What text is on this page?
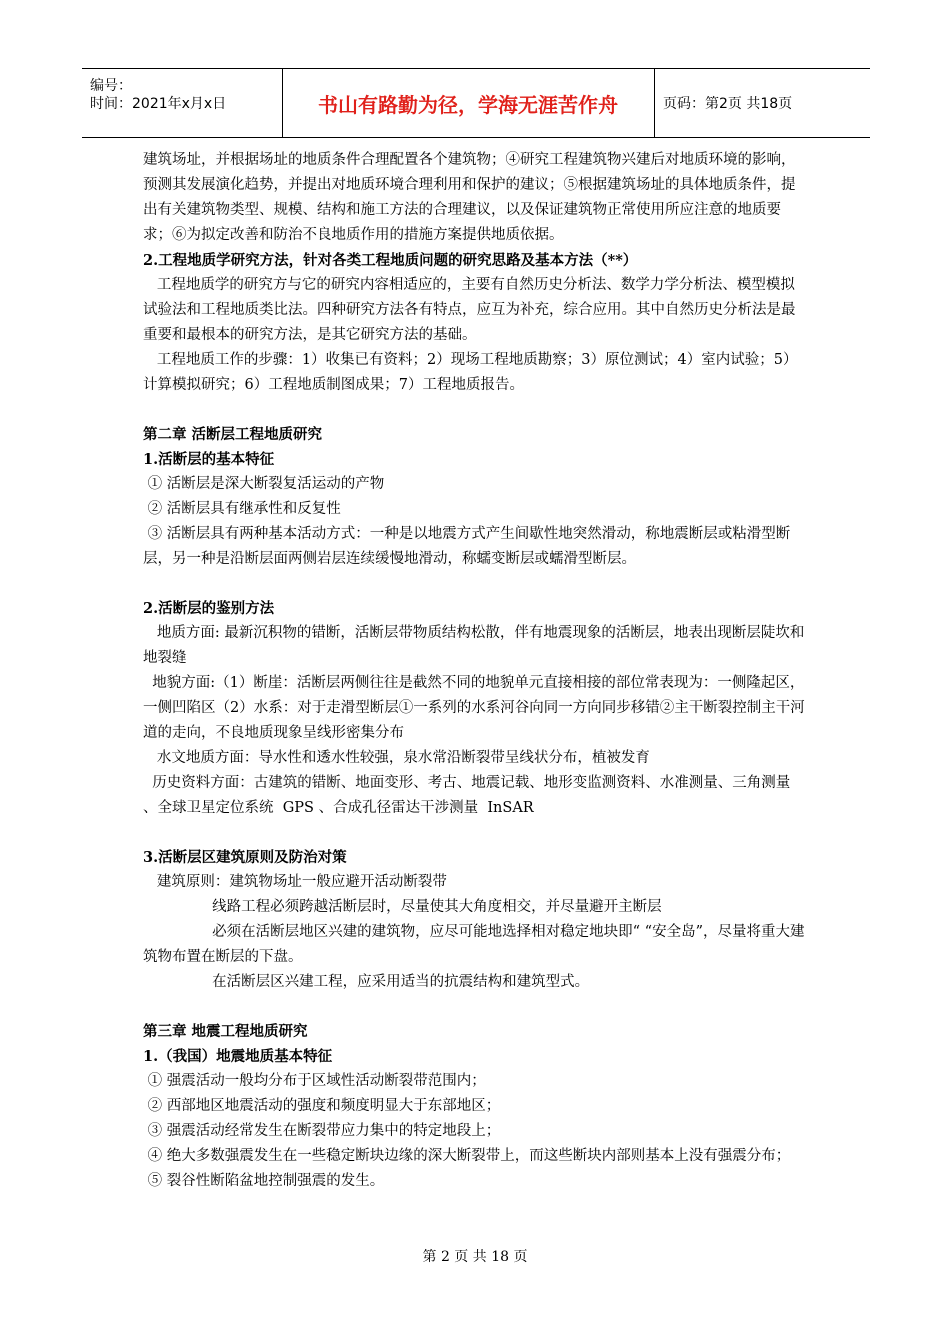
编号：
时间：2021年x月x日	书山有路勤为径，学海无涯苦作舟	页码：第2页 共18页

建筑场址，并根据场址的地质条件合理配置各个建筑物；④研究工程建筑物兴建后对地质环境的影响，预测其发展演化趋势，并提出对地质环境合理利用和保护的建议；⑤根据建筑场址的具体地质条件，提出有关建筑物类型、规模、结构和施工方法的合理建议，以及保证建筑物正常使用所应注意的地质要求；⑥为拟定改善和防治不良地质作用的措施方案提供地质依据。

2.工程地质学研究方法，针对各类工程地质问题的研究思路及基本方法（**）

工程地质学的研究方与它的研究内容相适应的，主要有自然历史分析法、数学力学分析法、模型模拟试验法和工程地质类比法。四种研究方法各有特点，应互为补充，综合应用。其中自然历史分析法是最重要和最根本的研究方法，是其它研究方法的基础。

工程地质工作的步骤：1）收集已有资料；2）现场工程地质勘察；3）原位测试；4）室内试验；5）计算模拟研究；6）工程地质制图成果；7）工程地质报告。

第二章 活断层工程地质研究

1.活断层的基本特征

① 活断层是深大断裂复活运动的产物

② 活断层具有继承性和反复性

③ 活断层具有两种基本活动方式：一种是以地震方式产生间歇性地突然滑动，称地震断层或粘滑型断层，另一种是沿断层面两侧岩层连续缓慢地滑动，称蠕变断层或蠕滑型断层。

2.活断层的鉴别方法

地质方面: 最新沉积物的错断，活断层带物质结构松散，伴有地震现象的活断层，地表出现断层陡坎和地裂缝

地貌方面:（1）断崖：活断层两侧往往是截然不同的地貌单元直接相接的部位常表现为：一侧隆起区，一侧凹陷区（2）水系：对于走滑型断层①一系列的水系河谷向同一方向同步移错②主干断裂控制主干河道的走向，不良地质现象呈线形密集分布

水文地质方面：导水性和透水性较强，泉水常沿断裂带呈线状分布，植被发育

历史资料方面：古建筑的错断、地面变形、考古、地震记载、地形变监测资料、水准测量、三角测量  、全球卫星定位系统  GPS 、合成孔径雷达干涉测量  InSAR

3.活断层区建筑原则及防治对策

建筑原则：建筑物场址一般应避开活动断裂带

线路工程必须跨越活断层时，尽量使其大角度相交，并尽量避开主断层

必须在活断层地区兴建的建筑物，应尽可能地选择相对稳定地块即“ “安全岛”，尽量将重大建筑物布置在断层的下盘。

在活断层区兴建工程，应采用适当的抗震结构和建筑型式。

第三章 地震工程地质研究

1.（我国）地震地质基本特征

① 强震活动一般均分布于区域性活动断裂带范围内；

② 西部地区地震活动的强度和频度明显大于东部地区；

③ 强震活动经常发生在断裂带应力集中的特定地段上；

④ 绝大多数强震发生在一些稳定断块边缘的深大断裂带上，而这些断块内部则基本上没有强震分布；

⑤ 裂谷性断陷盆地控制强震的发生。

第 2 页 共 18 页
